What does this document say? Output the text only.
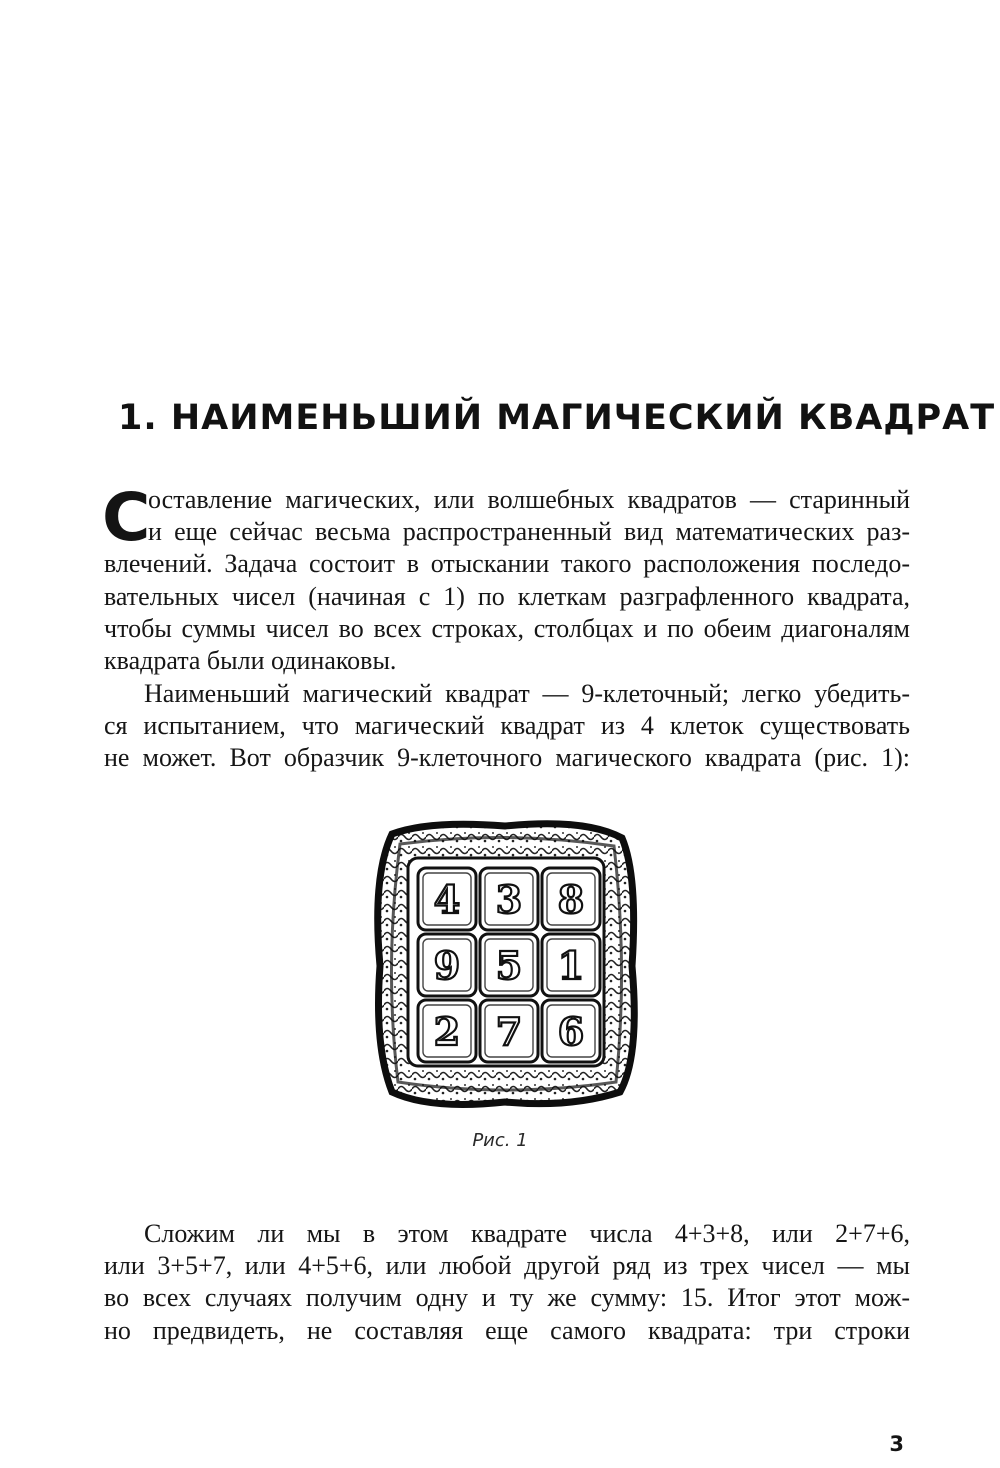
1. НАИМЕНЬШИЙ МАГИЧЕСКИЙ КВАДРАТ
С
оставление магических, или волшебных квадратов — старинный
и еще сейчас весьма распространенный вид математических раз-
влечений. Задача состоит в отыскании такого расположения последо-
вательных чисел (начиная с 1) по клеткам разграфленного квадрата,
чтобы суммы чисел во всех строках, столбцах и по обеим диагоналям
квадрата были одинаковы.
Наименьший магический квадрат — 9-клеточный; легко убедить-
ся испытанием, что магический квадрат из 4 клеток существовать
не может. Вот образчик 9-клеточного магического квадрата (рис. 1):
4 3 8
9 5 1
2 7 6
Рис. 1
Сложим ли мы в этом квадрате числа 4+3+8, или 2+7+6,
или 3+5+7, или 4+5+6, или любой другой ряд из трех чисел — мы
во всех случаях получим одну и ту же сумму: 15. Итог этот мож-
но предвидеть, не составляя еще самого квадрата: три строки
3
